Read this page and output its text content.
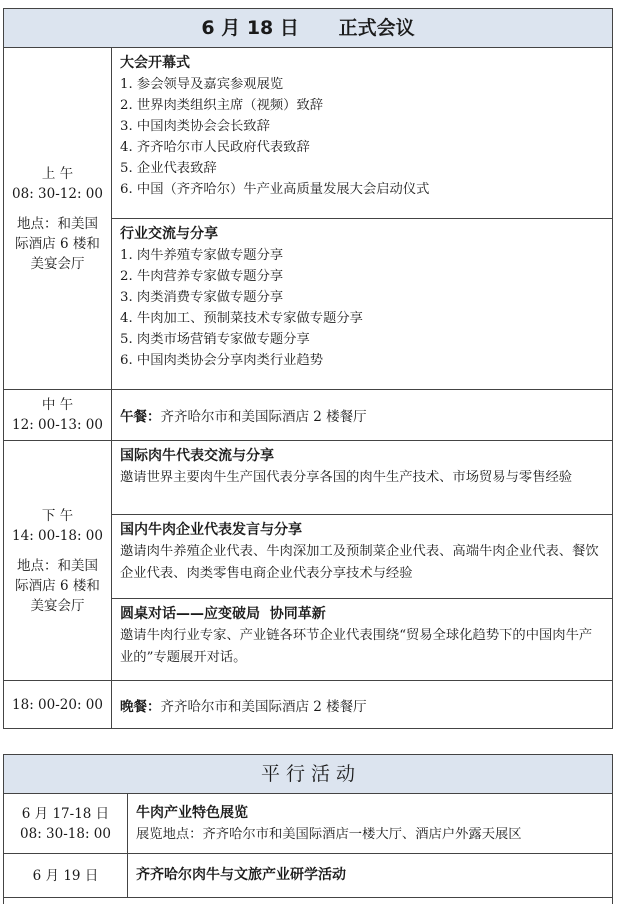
6 月 18 日      正式会议
上 午
08: 30-12: 00
地点：和美国际酒店 6 楼和美宴会厅
大会开幕式
1. 参会领导及嘉宾参观展览
2. 世界肉类组织主席（视频）致辞
3. 中国肉类协会会长致辞
4. 齐齐哈尔市人民政府代表致辞
5. 企业代表致辞
6. 中国（齐齐哈尔）牛产业高质量发展大会启动仪式
行业交流与分享
1. 肉牛养殖专家做专题分享
2. 牛肉营养专家做专题分享
3. 肉类消费专家做专题分享
4. 牛肉加工、预制菜技术专家做专题分享
5. 肉类市场营销专家做专题分享
6. 中国肉类协会分享肉类行业趋势
中 午
12: 00-13: 00 午餐： 齐齐哈尔市和美国际酒店 2 楼餐厅
下 午
14: 00-18: 00
地点：和美国际酒店 6 楼和美宴会厅
国际肉牛代表交流与分享
邀请世界主要肉牛生产国代表分享各国的肉牛生产技术、市场贸易与零售经验
国内牛肉企业代表发言与分享
邀请肉牛养殖企业代表、牛肉深加工及预制菜企业代表、高端牛肉企业代表、餐饮企业代表、肉类零售电商企业代表分享技术与经验
圆桌对话——应变破局  协同革新
邀请牛肉行业专家、产业链各环节企业代表围绕“贸易全球化趋势下的中国肉牛产业的”专题展开对话。
18: 00-20: 00 晚餐： 齐齐哈尔市和美国际酒店 2 楼餐厅
平 行 活 动
6 月 17-18 日
08: 30-18: 00
牛肉产业特色展览
展览地点：齐齐哈尔市和美国际酒店一楼大厅、酒店户外露天展区
6 月 19 日	齐齐哈尔肉牛与文旅产业研学活动
